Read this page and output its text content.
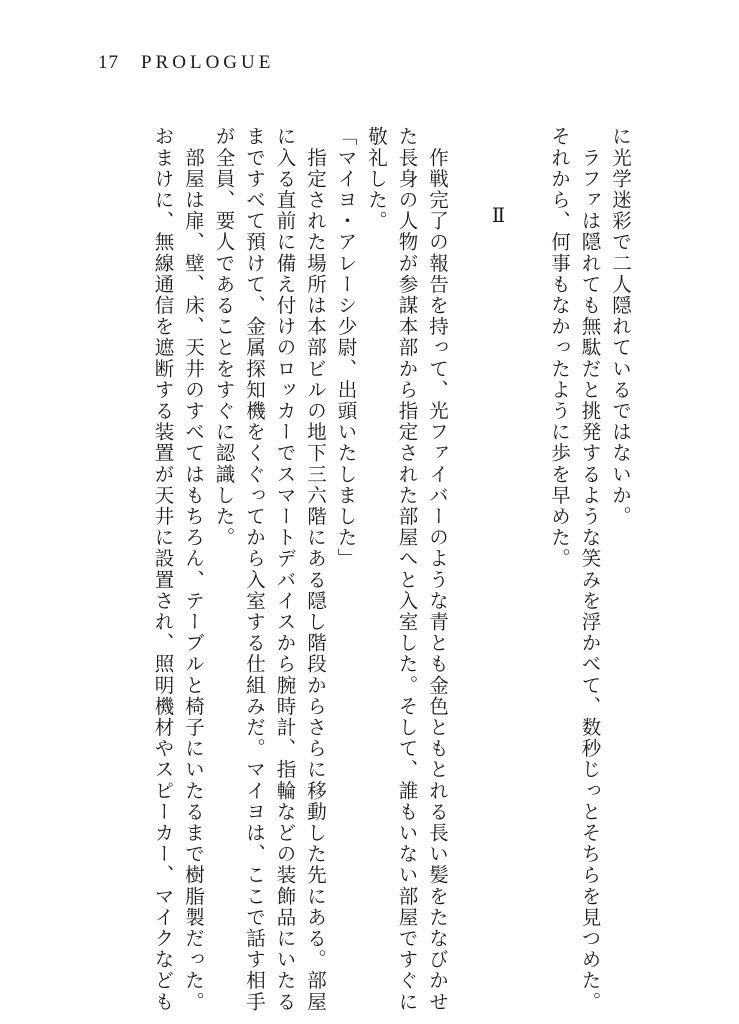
17 PROLOGUE
に光学迷彩で二人隠れているではないか。
　ラファは隠れても無駄だと挑発するような笑みを浮かべて、数秒じっとそちらを見つめた。
それから、何事もなかったように歩を早めた。
Ⅱ
　作戦完了の報告を持って、光ファイバーのような青とも金色ともとれる長い髪をたなびかせ
た長身の人物が参謀本部から指定された部屋へと入室した。そして、誰もいない部屋ですぐに
敬礼した。
「マイヨ・アレーシ少尉、出頭いたしました」
　指定された場所は本部ビルの地下三六階にある隠し階段からさらに移動した先にある。部屋
に入る直前に備え付けのロッカーでスマートデバイスから腕時計、指輪などの装飾品にいたる
まですべて預けて、金属探知機をくぐってから入室する仕組みだ。マイヨは、ここで話す相手
が全員、要人であることをすぐに認識した。
　部屋は扉、壁、床、天井のすべてはもちろん、テーブルと椅子にいたるまで樹脂製だった。
おまけに、無線通信を遮断する装置が天井に設置され、照明機材やスピーカー、マイクなども
